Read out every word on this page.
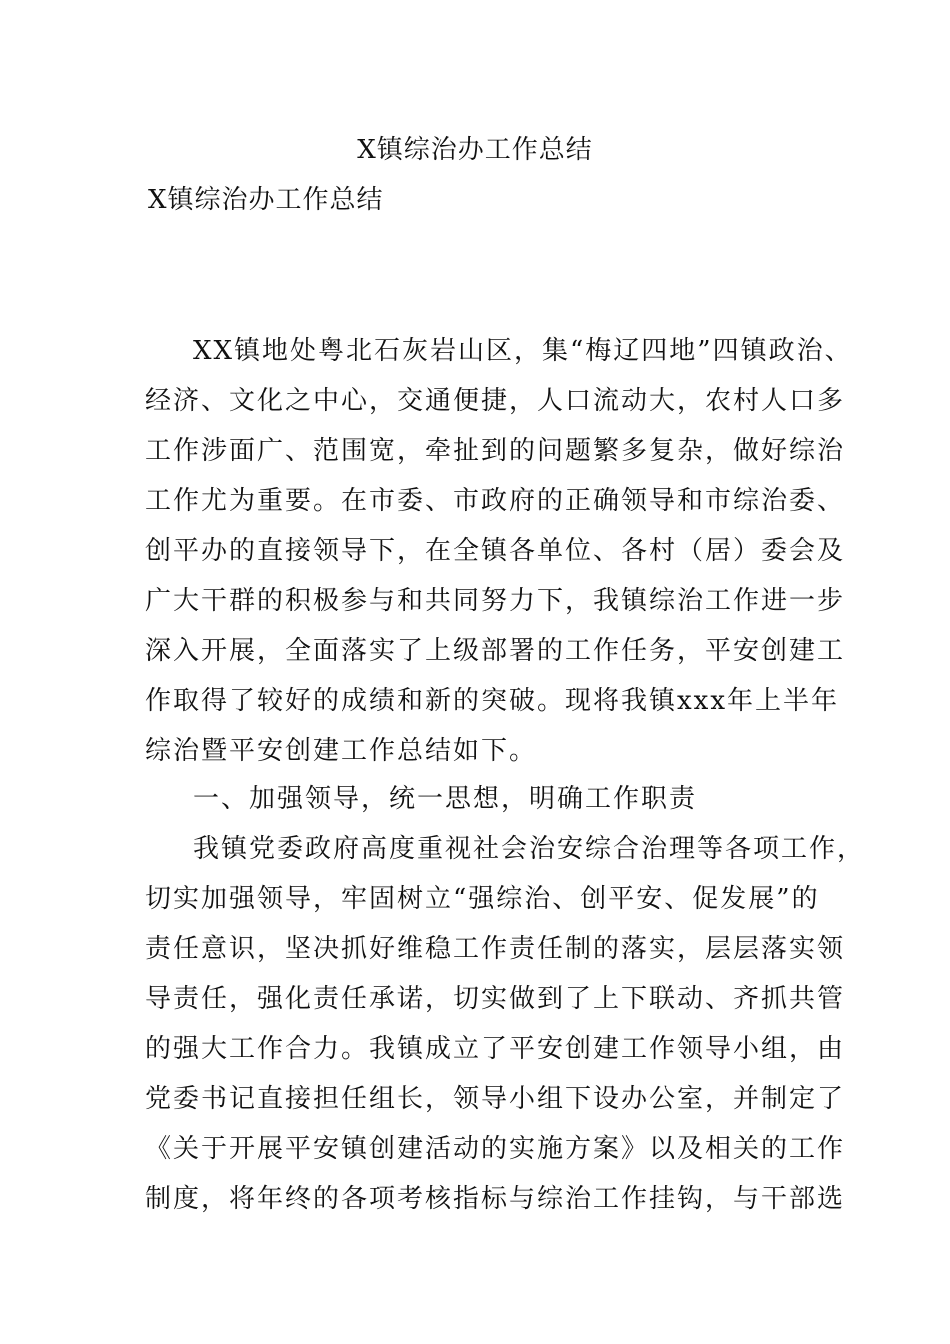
X镇综治办工作总结
X镇综治办工作总结
XX镇地处粤北石灰岩山区，集“梅辽四地”四镇政治、
经济、文化之中心，交通便捷，人口流动大，农村人口多
工作涉面广、范围宽，牵扯到的问题繁多复杂，做好综治
工作尤为重要。在市委、市政府的正确领导和市综治委、
创平办的直接领导下，在全镇各单位、各村（居）委会及
广大干群的积极参与和共同努力下，我镇综治工作进一步
深入开展，全面落实了上级部署的工作任务，平安创建工
作取得了较好的成绩和新的突破。现将我镇xxx年上半年
综治暨平安创建工作总结如下。
一、加强领导，统一思想，明确工作职责
我镇党委政府高度重视社会治安综合治理等各项工作，
切实加强领导，牢固树立“强综治、创平安、促发展”的
责任意识，坚决抓好维稳工作责任制的落实，层层落实领
导责任，强化责任承诺，切实做到了上下联动、齐抓共管
的强大工作合力。我镇成立了平安创建工作领导小组，由
党委书记直接担任组长，领导小组下设办公室，并制定了
《关于开展平安镇创建活动的实施方案》以及相关的工作
制度，将年终的各项考核指标与综治工作挂钩，与干部选
